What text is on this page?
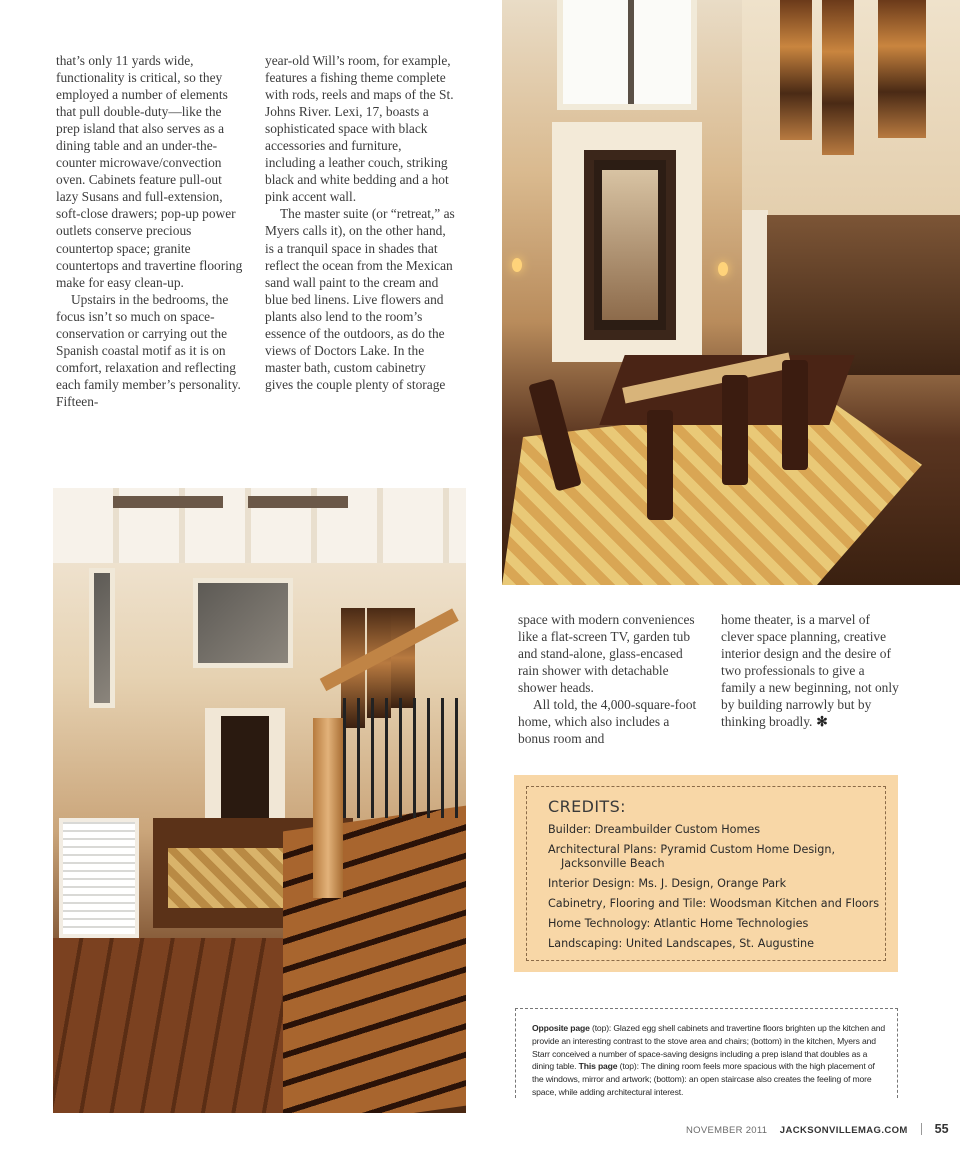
that’s only 11 yards wide, functionality is critical, so they employed a number of elements that pull double-duty—like the prep island that also serves as a dining table and an under-the-counter microwave/convection oven. Cabinets feature pull-out lazy Susans and full-extension, soft-close drawers; pop-up power outlets conserve precious countertop space; granite countertops and travertine flooring make for easy clean-up.

Upstairs in the bedrooms, the focus isn’t so much on space-conservation or carrying out the Spanish coastal motif as it is on comfort, relaxation and reflecting each family member’s personality. Fifteen-

year-old Will’s room, for example, features a fishing theme complete with rods, reels and maps of the St. Johns River. Lexi, 17, boasts a sophisticated space with black accessories and furniture, including a leather couch, striking black and white bedding and a hot pink accent wall.

The master suite (or “retreat,” as Myers calls it), on the other hand, is a tranquil space in shades that reflect the ocean from the Mexican sand wall paint to the cream and blue bed linens. Live flowers and plants also lend to the room’s essence of the outdoors, as do the views of Doctors Lake. In the master bath, custom cabinetry gives the couple plenty of storage

space with modern conveniences like a flat-screen TV, garden tub and stand-alone, glass-encased rain shower with detachable shower heads.

All told, the 4,000-square-foot home, which also includes a bonus room and

home theater, is a marvel of clever space planning, creative interior design and the desire of two professionals to give a family a new beginning, not only by building narrowly but by thinking broadly. ✻

CREDITS:
Builder: Dreambuilder Custom Homes
Architectural Plans: Pyramid Custom Home Design,
Jacksonville Beach
Interior Design: Ms. J. Design, Orange Park
Cabinetry, Flooring and Tile: Woodsman Kitchen and Floors
Home Technology: Atlantic Home Technologies
Landscaping: United Landscapes, St. Augustine
Opposite page (top): Glazed egg shell cabinets and travertine floors brighten up the kitchen and provide an interesting contrast to the stove area and chairs; (bottom) in the kitchen, Myers and Starr conceived a number of space-saving designs including a prep island that doubles as a dining table. This page (top): The dining room feels more spacious with the high placement of the windows, mirror and artwork; (bottom): an open staircase also creates the feeling of more space, while adding architectural interest.
NOVEMBER 2011 JACKSONVILLEMAG.COM 55
